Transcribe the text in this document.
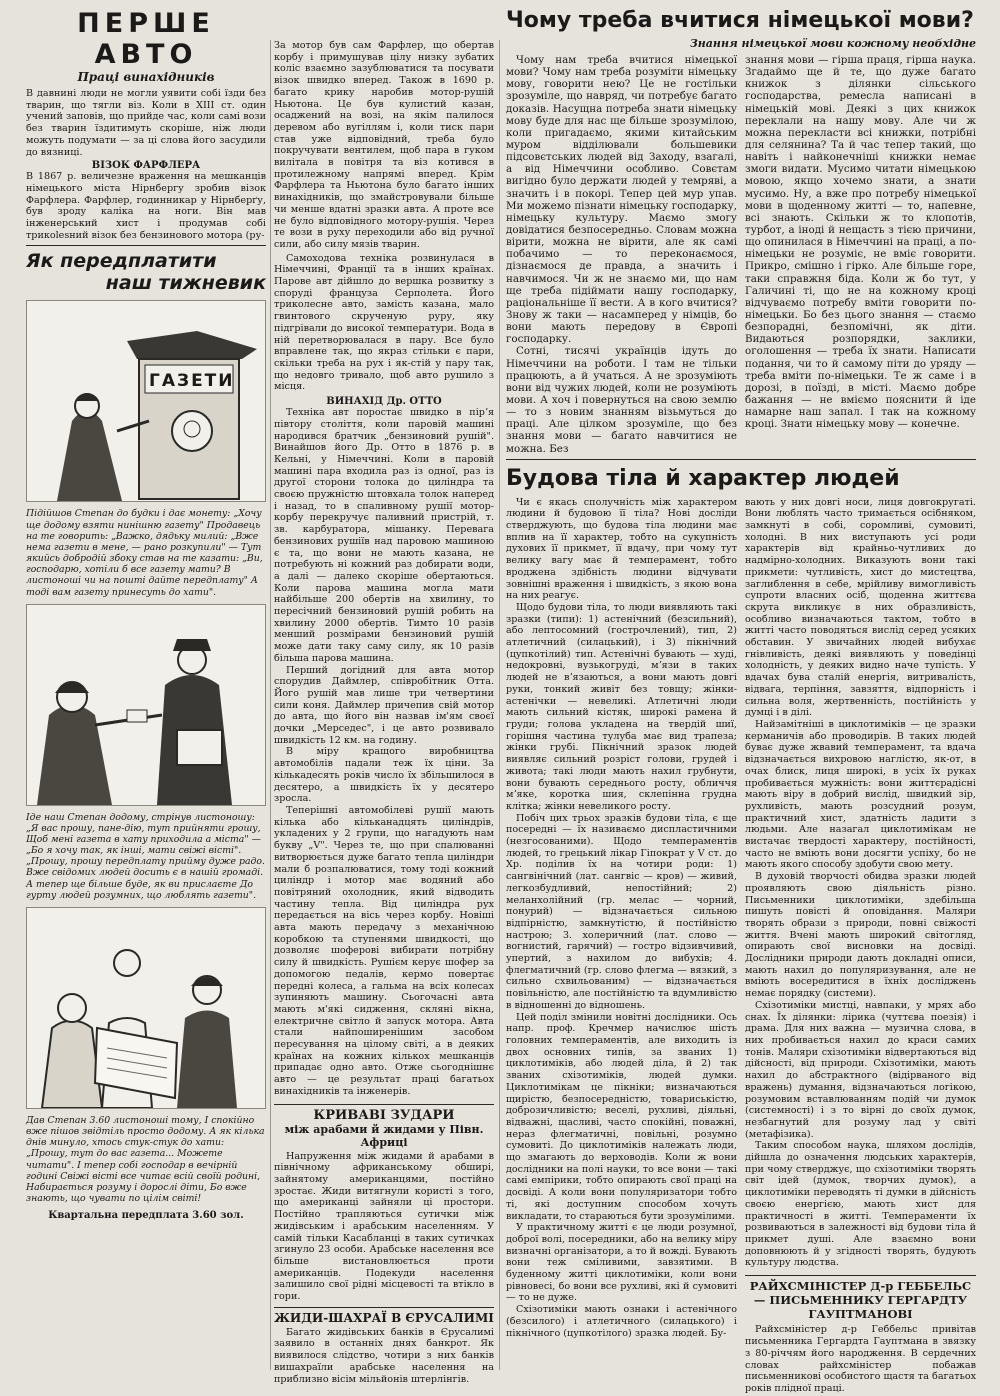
ПЕРШЕ АВТО
Праці винахідників

В давнині люди не могли уявити собі їзди без тварин, що тягли віз. Коли в XIII ст. один учений заповів, що прийде час, коли самі вози без тварин їздитимуть скоріше, ніж люди можуть подумати — за ці слова його засудили до вязниці.

ВІЗОК ФАРФЛЕРА

В 1867 р. величезне враження на мешканців німецького міста Нірнбергу зробив візок Фарфлера. Фарфлер, годинникар у Нірнберґу, був зроду каліка на ноги. Він мав інженерський хист і продумав собі трикolesний візок без бензинового мотора (ру-

Як передплатити
наш тижневик
ГАЗЕТИ

Підійшов Степан до будки і дає монету: „Хочу ще додому взяти нинішню газету" Продавець на те говорить: „Важко, дядьку милий: „Вже нема газети в мене, — рано розкупили" — Тут якийсь добродій збоку став на те казати: „Ви, господарю, хотіли б все газету мати? В листоноші чи на пошті дайте передплату" А тоді вам газету принесуть до хати".

Іде наш Степан додому, стрінув листоношу: „Я вас прошу, пане-дію, тут прийняти грошу, Щоб мені газета в хату приходила а міста" — „Бо я хочу так, як інші, мати свіжі вісті". „Прошу, прошу передплату прийму дуже радо. Вже свідомих людей досить є в нашій громаді. А тепер ще більше буде, як ви прислаєте До гурту людей розумних, що люблять газети".

Дав Степан 3.60 листоноші тому, І спокійно вже пішов звідтіль просто додому. А як кілька днів минуло, хтось стук-стук до хати: „Прошу, тут до вас газета... Можете читати". І тепер собі господар в вечірній годині Свіжі вісті все читає всій своїй родині, Набирається розуму і дорослі діти, Бо вже знають, що чувати по цілім світі!

Квартальна передплата 3.60 зол.

За мотор був сам Фарфлер, що обертав корбу і примушував цілу низку зубатих коліс взаємно зазублюватися та посувати візок швидко вперед. Також в 1690 р. багато крику наробив мотор-рушій Ньютона. Це був кулистий казан, осаджений на возі, на якім палилося деревом або вугіллям і, коли тиск пари став уже відповідний, треба було покручувати вентилем, щоб пара в гуком вилітала в повітря та віз котився в протилежному напрямі вперед. Крім Фарфлера та Ньютона було багато інших винахідників, що змайстровували більше чи менше вдатні зразки авта. А проте все не було відповідного мотору-рушія. Через те вози в руху переходили або від ручної сили, або силу мязів тварин.

Самоходова техніка розвинулася в Німеччині, Франції та в інших країнах. Паровe авт дійшло до вершка розвитку з спорудi француза Серполета. Його трикoлесне авто, замість казана, мало гвинтового скрученую руру, яку підгрівали до високої температури. Вода в ній перетворювалася в пару. Все було вправлене так, що якраз стільки є пари, скільки треба на рух і як-стій у пару так, що недовго тривало, щоб авто рушило з місця.

ВИНАХІД Др. ОТТО

Техніка авт поростає швидко в пірʼя півтору століття, коли паровій машині народився братчик „бензиновий рушій". Винайшов його Др. Отто в 1876 р. в Кельні, у Німеччині. Коли в паровій машині пара входила раз із одної, раз із другої сторони толока до циліндра та своєю пружністю штовхала толок наперед і назад, то в спаливному рушії мотор-корбу перекручує паливний пристрій, т. зв. карбуратора, мішанку. Перевага бензинових рушіїв над паровою машиною є та, що вони не мають казана, не потребують ні кожний раз добирати води, а далі — далеко скоріше обертаються. Коли парова машина могла мати найбільше 200 обертів на хвилину, то пересічний бензиновий рушій робить на хвилину 2000 обертів. Тимто 10 разів менший розмірами бензиновий рушій може дати таку саму силу, як 10 разів більша парова машина.

Перший догідний для авта мотор спорудив Даймлер, співробітник Отта. Його рушій мав лише три четвертини сили коня. Даймлер причепив свій мотор до авта, що його він назвав ім'ям своєї дочки „Мерседес", і це авто розвивало швидкість 12 км. на годину.

В міру кращого виробництва автомобілів падали теж їх ціни. За кількадесять років число їх збільшилося в десятеро, а швидкість їх у десятеро зросла.

Теперішні автомобілеві рушії мають кілька або кільканадцять циліндрів, укладених у 2 групи, що нагадують нам букву „V". Через те, що при спалюванні витворюється дуже багато тепла циліндри мали б розпалюватися, тому тоді кожний циліндр і мотор має водяний або повітряний охолодник, який відводить частину тепла. Від циліндра рух передається на вісь через корбу. Новіші авта мають передачу з механічною коробкою та ступенями швидкості, що дозволяє шоферові вибирати потрібну силу й швидкість. Рушієм керує шофер за допомогою педалів, кермо повертає передні колеса, а гальма на всіх колесах зупиняють машину. Сьогочасні авта мають м'які сидження, скляні вікна, електричне світло й запуск мотора. Авта стали найпоширенішим засобом пересування на цілому світі, а в деяких країнах на кожних кількох мешканців припадає одно авто. Отже сьогоднішнє авто — це результат праці багатьох винахідників та інженерів.

КРИВАВІ ЗУДАРИ
між арабами й жидами у Півн. Африці

Напруження між жидами й арабами в північному африканському обширі, зайнятому американцями, постійно зростає. Жиди витягнули користі з того, що американці зайняли ці простори. Постійно трапляються сутички між жидівським і арабським населенням. У самій тільки Касабланці в таких сутичках згинуло 23 особи. Арабське населення все більше вистановлюється проти американців. Подекуди населення залишило свої рідні місцевості та втікло в гори.

ЖИДИ-ШАХРАЇ В ЄРУСАЛИМІ

Багато жидівських банків в Єрусалимі заявило в останніх днях банкрот. Як виявилося слідство, чотири з них банків вишахраїли арабське населення на приблизно вісім мільйонів штерлінгів.

Чому треба вчитися німецької мови?
Знання німецької мови кожному необхідне

Чому нам треба вчитися німецької мови? Чому нам треба розуміти німецьку мову, говорити нею? Це не гостільки зрозуміле, що навряд, чи потребує багато доказів. Насущна потреба знати німецьку мову буде для нас ще більше зрозумілою, коли пригадаємо, якими китайським муром відділювали большевики підсовєтських людей від Заходу, взагалі, а від Німеччини особливо. Совєтам вигідно було держати людей у темряві, а значить і в покорі. Тепер цей мур упав. Ми можемо пізнати німецьку господарку, німецьку культуру. Маємо змогу довідатися безпосередньо. Словам можна вірити, можна не вірити, але як самі побачимо — то переконаємося, дізнаємося де правда, а значить і навчимося. Чи ж не знаємо ми, що нам ще треба підіймати нашу господарку, раціональніше її вести. А в кого вчитися? Знову ж таки — насамперед у німців, бо вони мають передову в Європі господарку.

Сотні, тисячі українців ідуть до Німеччини на роботи. І там не тільки працюють, а й учаться. А не зрозуміють вони від чужих людей, коли не розуміють мови. А хоч і повернуться на свою землю — то з новим знанням візьмуться до праці. Але цілком зрозуміле, що без знання мови — багато навчитися не можна. Без

знання мови — гірша праця, гірша наука. Згадаймо ще й те, що дуже багато книжок з ділянки сільського господарства, ремесла написані в німецькій мові. Деякі з цих книжок переклали на нашу мову. Але чи ж можна перекласти всі книжки, потрібні для селянина? Та й час тепер такий, що навіть і найконечніші книжки немає змоги видати. Мусимо читати німецькою мовою, якщо хочемо знати, а знати мусимо. Ну, а вже про потребу німецької мови в щоденному житті — то, напевне, всі знають. Скільки ж то клопотів, турбот, а іноді й нещасть з тією причини, що опинилася в Німеччині на праці, а по-німецьки не розуміє, не вміє говорити. Прикро, смішно і гірко. Але більше горе, таки справжня біда. Коли ж бо тут, у Галичині ті, що не на кожному кроці відчуваємо потребу вміти говорити по-німецьки. Бо без цього знання — стаємо безпорадні, безпомічні, як діти. Видаються розпорядки, заклики, оголошення — треба їх знати. Написати подання, чи то й самому піти до уряду — треба вміти по-німецьки. Те ж саме і в дорозі, в поїзді, в місті. Маємо добре бажання — не вміємо пояснити й іде намарне наш запал. І так на кожному кроці. Знати німецьку мову — конечне.

Будова тіла й характер людей

Чи є якась сполучність між характером людини й будовою її тіла? Нові досліди стверджують, що будова тіла людини має вплив на її характер, тобто на сукупність духових її прикмет, її вдачу, при чому тут велику вагу має й темперамент, тобто вроджена здібність людини відчувати зовнішні враження і швидкість, з якою вона на них реагує.

Щодо будови тіла, то люди виявляють такі зразки (типи): 1) астенічний (безсильний), або лептосомний (гострочлений), тип, 2) атлетичний (силацький), і 3) пікнічний (цупкотілий) тип. Астенічні бувають — худі, недокровні, вузькогруді, мʼязи в таких людей не вʼязаються, а вони мають довгі руки, тонкий живіт без товщу; жінки-астенічки — невеликі. Атлетичні люди мають сильний кістяк, широкі рамена й груди; голова укладена на твердій шиї, горішня частина тулуба має вид трапеза; жінки грубі. Пікнічний зразок людей виявляє сильний розріст голови, грудей і живота; такі люди мають нахил грубнути, вони бувають середнього росту, обличчя мʼяке, коротка шия, склепінна грудна клітка; жінки невеликого росту.

Побіч цих трьох зразків будови тіла, є ще посередні — їх називаємо диспластичними (незгосованими). Щодо темпераментів людей, то грецький лікар Гіпократ у V ст. до Хр. поділив їх на чотири роди: 1) сангвінічний (лат. сангвіс — кров) — живий, легкозбудливий, непостійний; 2) меланхолійний (гр. мелас — чорний, понурий) — відзначається сильною відпірністю, замкнутістю, й постійністю настрою; 3. холеричний (лат. слово — вогнистий, гарячий) — гострo відзивчивий, упертий, з нахилом до вибухів; 4. флегматичний (гр. слово флегма — вязкий, з сильно схвильованим) — відзначається повільністю, але постійністю та вдумливістю в відношенні до відношень.

Цей поділ змінили новітні дослідники. Ось напр. проф. Кречмер начислює шість головних темпераментів, але виходить із двох основних типів, за званих 1) циклотиміків, або людей ділa, й 2) так званих схізотиміків, людей думки. Циклотимікам це пікніки; визначаються щирістю, безпосередністю, товариськістю, доброзичливістю; веселі, рухливі, діяльні, відважні, щасливі, часто спокійні, поважні, нераз флегматичні, повільні, розумно сумовиті. До циклотиміків належать люди, що змагають до верховодів. Коли ж вони дослідники на полі науки, то все вони — такі самі емпірики, тобто опирають свої праці на досвіді. А коли вони популяризатори тобто ті, які доступним способом хочуть викладати, то стараються бути зрозумілими.

У практичному житті є це люди розумної, доброї волі, посередники, або на велику міру визначні організатори, а то й вожді. Бувають вони теж сміливими, завзятими. В буденному житті циклотиміки, коли вони рівновесі, бо вони все рухливі, які й сумовиті — то не дуже.

Схізотиміки мають ознаки і астенічного (безсилого) і атлетичного (силацького) і пікнічного (цупкотілого) зразка людей. Бу-

вають у них довгі носи, лиця довгокругаті. Вони люблять часто тримається осібняком, замкнуті в собі, соромливі, сумовиті, холодні. В них виступають усі роди характерів від крайньо-чутливих до надмірно-холодних. Виказують вони такі прикмети: чутливість, хист до мистецтва, заглиблення в себе, мрійливу вимогливість супроти власних осіб, щоденна життєва скрута викликує в них образливість, особливо визначаються тактом, тобто в житті часто поводяться вислід серед усяких обставин. У звичайних людей вибухає гнівливість, деякі виявляють у поведінці холодність, у деяких видно наче тупість. У вдачах бува сталій енергія, витривалість, відвага, терпіння, завзяття, відпорність і сильна воля, жертвенність, постійність у думці і в ділі.

Найзамітніші в циклотиміків — це зразки керманичів або проводирів. В таких людей буває дуже жвавий темперамент, та вдача відзначається вихровою наглістю, як-от, в очах блиск, лиця широкі, в усіх їх руках пробивається мужність: вони життєрадісні мають віру в добрий вислід, швидкий зір, рухливість, мають розсудний розум, практичний хист, здатність ладити з людьми. Але назагал циклотимікам не вистачає твердості характеру, постійності, часто не вміють вони досягти успіху, бо не мають якого способу здобути свою мету.

В духовій творчості обидва зразки людей проявляють свою діяльність різно. Письменники циклотиміки, здебільша пишуть повісті й оповідання. Маляри творять образи з природи, повні свіжості життя. Вчені мають широкий світогляд, опирають свої висновки на досвіді. Дослідники природи дають докладні описи, мають нахил до популяризування, але не вміють восередитися в їхніх досліджень немає порядку (системи).

Схізотиміки мистці, навпаки, у мрях або снах. Їх ділянки: лірика (чуттєва поезія) і драма. Для них важна — музична слова, в них пробивається нахил до краси самих тонів. Маляри схізотиміки відвертаються від дійсності, від природи. Схізотиміки, мають нахил до абстрактного (відірваного від вражень) думання, відзначаються логікою, розумовим вставлюванням подій чи думок (системності) і з то вірні до своїх думок, незбагнутий для розуму лад у світі (метафізика).

Таким способом наука, шляхом дослідів, дійшла до означення людських характерів, при чому стверджує, що схізотиміки творять світ ідей (думок, творчих думок), а циклотиміки переводять ті думки в дійсність своєю енергією, мають хист для практичності в житті. Темпераменти їх розвиваються в залежності від будови тіла й прикмет душі. Але взаємно вони доповнюють й у згідності творять, будують культуру людства.

РАЙХСМІНІСТЕР Д-р ГЕББЕЛЬС — ПИСЬМЕННИКУ ГЕРГАРДТУ ГАУПТМАНОВІ

Райхсміністер д-р Геббельс привітав письменника Гергардта Гауптмана в звязку з 80-річчям його народження. В сердечних словах райхсміністер побажав письменникові особистого щастя та багатьох років плідної праці.
